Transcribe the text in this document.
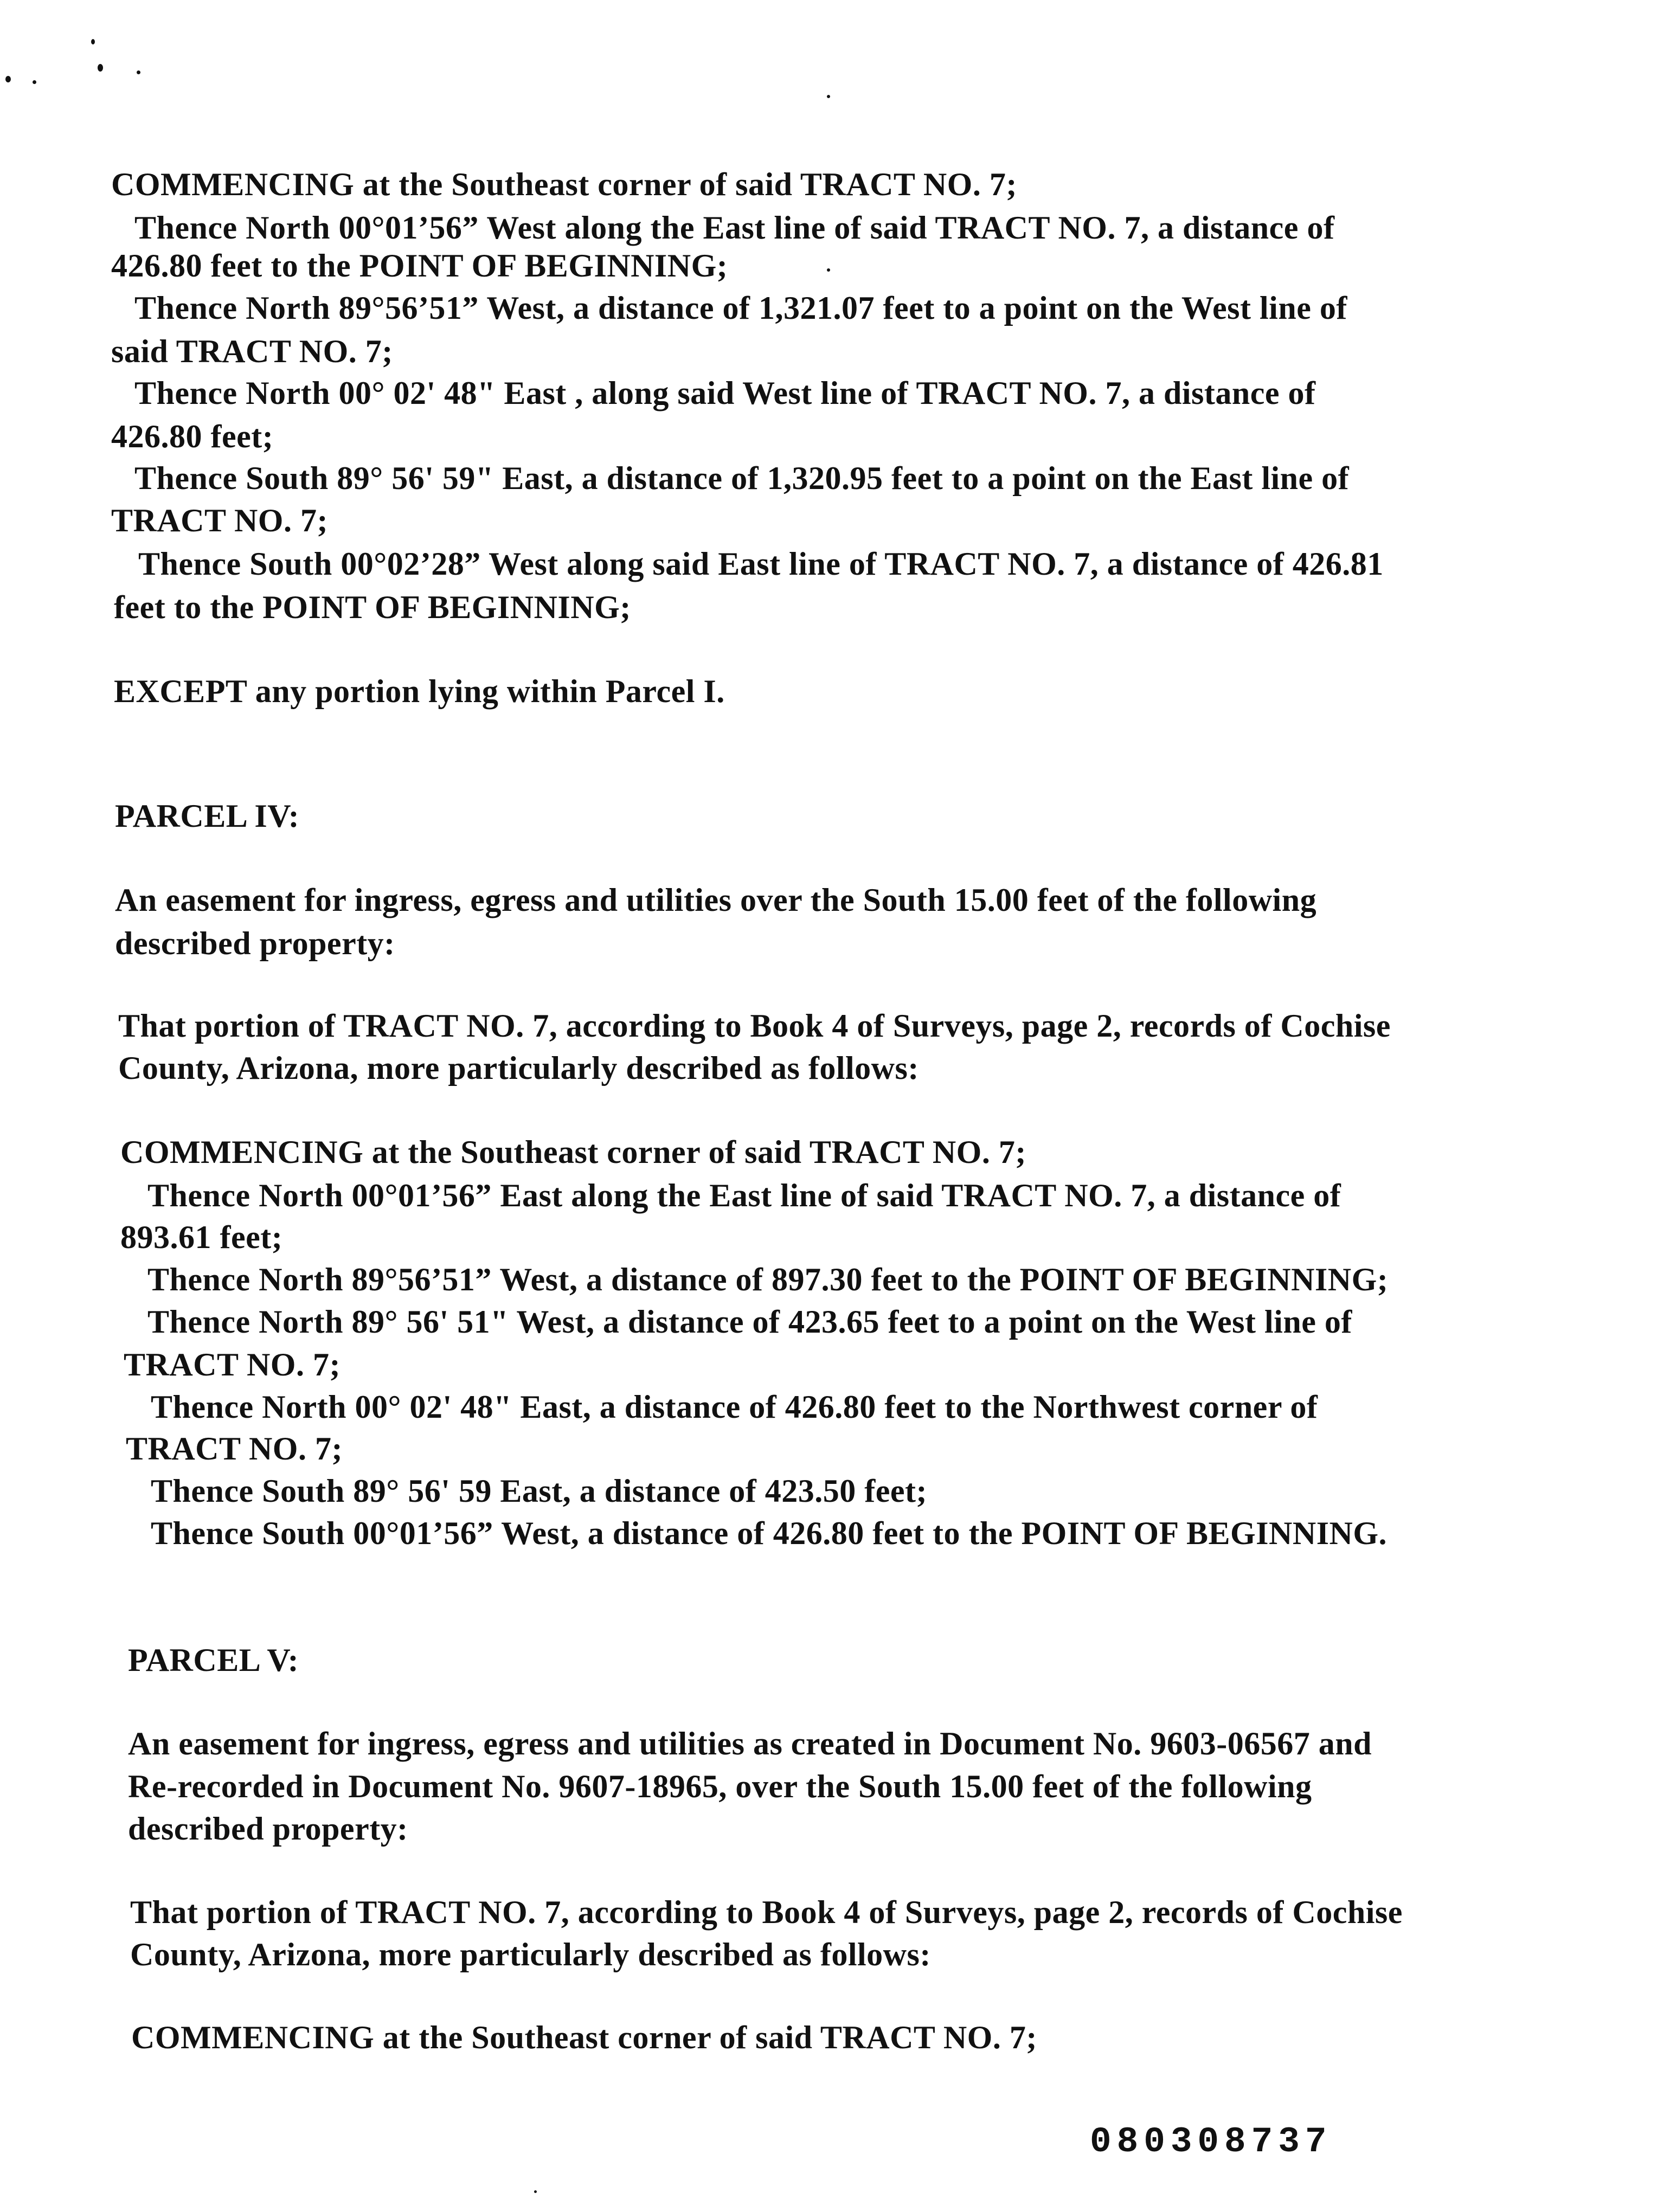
COMMENCING at the Southeast corner of said TRACT NO. 7;
Thence North 00°01’56” West along the East line of said TRACT NO. 7, a distance of
426.80 feet to the POINT OF BEGINNING;
Thence North 89°56’51” West, a distance of 1,321.07 feet to a point on the West line of
said TRACT NO. 7;
Thence North 00° 02' 48" East , along said West line of TRACT NO. 7, a distance of
426.80 feet;
Thence South 89° 56' 59" East, a distance of 1,320.95 feet to a point on the East line of
TRACT NO. 7;
Thence South 00°02’28” West along said East line of TRACT NO. 7, a distance of 426.81
feet to the POINT OF BEGINNING;
EXCEPT any portion lying within Parcel I.
PARCEL IV:
An easement for ingress, egress and utilities over the South 15.00 feet of the following
described property:
That portion of TRACT NO. 7, according to Book 4 of Surveys, page 2, records of Cochise
County, Arizona, more particularly described as follows:
COMMENCING at the Southeast corner of said TRACT NO. 7;
Thence North 00°01’56” East along the East line of said TRACT NO. 7, a distance of
893.61 feet;
Thence North 89°56’51” West, a distance of 897.30 feet to the POINT OF BEGINNING;
Thence North 89° 56' 51" West, a distance of 423.65 feet to a point on the West line of
TRACT NO. 7;
Thence North 00° 02' 48" East, a distance of 426.80 feet to the Northwest corner of
TRACT NO. 7;
Thence South 89° 56' 59 East, a distance of 423.50 feet;
Thence South 00°01’56” West, a distance of 426.80 feet to the POINT OF BEGINNING.
PARCEL V:
An easement for ingress, egress and utilities as created in Document No. 9603-06567 and
Re-recorded in Document No. 9607-18965, over the South 15.00 feet of the following
described property:
That portion of TRACT NO. 7, according to Book 4 of Surveys, page 2, records of Cochise
County, Arizona, more particularly described as follows:
COMMENCING at the Southeast corner of said TRACT NO. 7;
080308737
